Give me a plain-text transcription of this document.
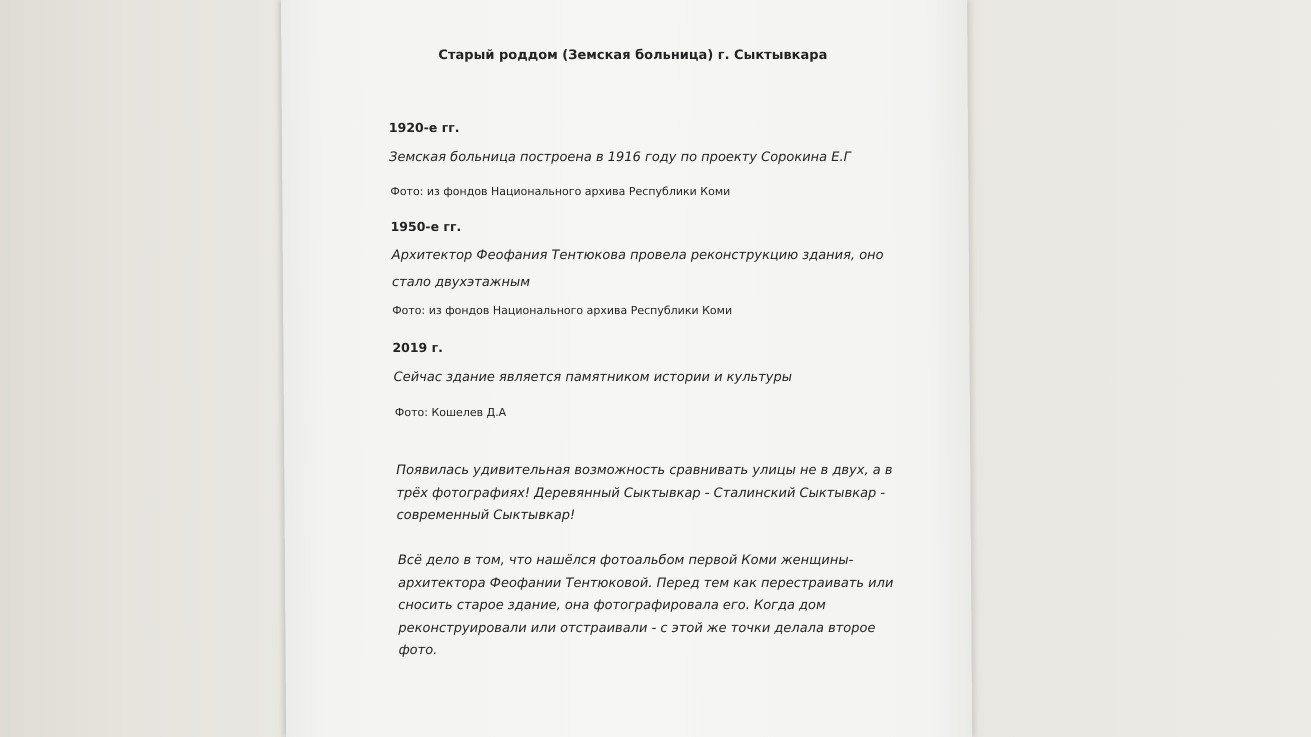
Старый роддом (Земская больница) г. Сыктывкара
1920-е гг.
Земская больница построена в 1916 году по проекту Сорокина Е.Г
Фото: из фондов Национального архива Республики Коми
1950-е гг.
Архитектор Феофания Тентюкова провела реконструкцию здания, оно
стало двухэтажным
Фото: из фондов Национального архива Республики Коми
2019 г.
Сейчас здание является памятником истории и культуры
Фото: Кошелев Д.А
Появилась удивительная возможность сравнивать улицы не в двух, а в
трёх фотографиях! Деревянный Сыктывкар - Сталинский Сыктывкар -
современный Сыктывкар!
Всё дело в том, что нашёлся фотоальбом первой Коми женщины-
архитектора Феофании Тентюковой. Перед тем как перестраивать или
сносить старое здание, она фотографировала его. Когда дом
реконструировали или отстраивали - с этой же точки делала второе
фото.
